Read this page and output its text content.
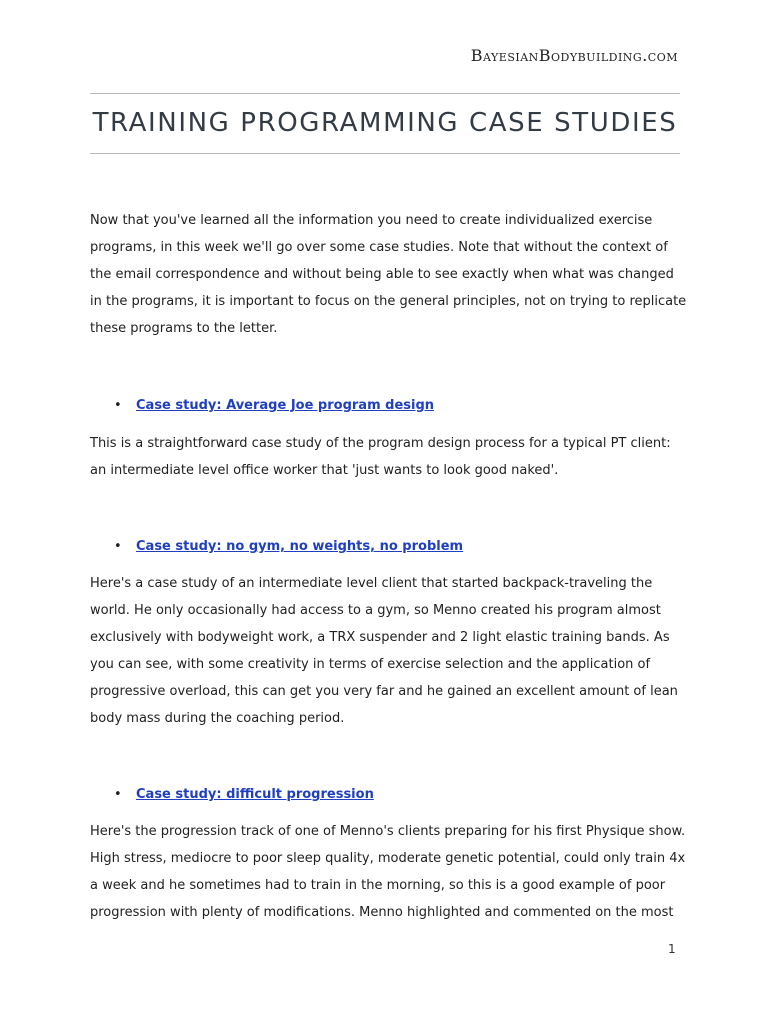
BayesianBodybuilding.com
TRAINING PROGRAMMING CASE STUDIES

Now that you've learned all the information you need to create individualized exercise programs, in this week we'll go over some case studies. Note that without the context of the email correspondence and without being able to see exactly when what was changed in the programs, it is important to focus on the general principles, not on trying to replicate these programs to the letter.

• Case study: Average Joe program design

This is a straightforward case study of the program design process for a typical PT client: an intermediate level office worker that 'just wants to look good naked'.

• Case study: no gym, no weights, no problem

Here's a case study of an intermediate level client that started backpack-traveling the world. He only occasionally had access to a gym, so Menno created his program almost exclusively with bodyweight work, a TRX suspender and 2 light elastic training bands. As you can see, with some creativity in terms of exercise selection and the application of progressive overload, this can get you very far and he gained an excellent amount of lean body mass during the coaching period.

• Case study: difficult progression

Here's the progression track of one of Menno's clients preparing for his first Physique show. High stress, mediocre to poor sleep quality, moderate genetic potential, could only train 4x a week and he sometimes had to train in the morning, so this is a good example of poor progression with plenty of modifications. Menno highlighted and commented on the most

1
